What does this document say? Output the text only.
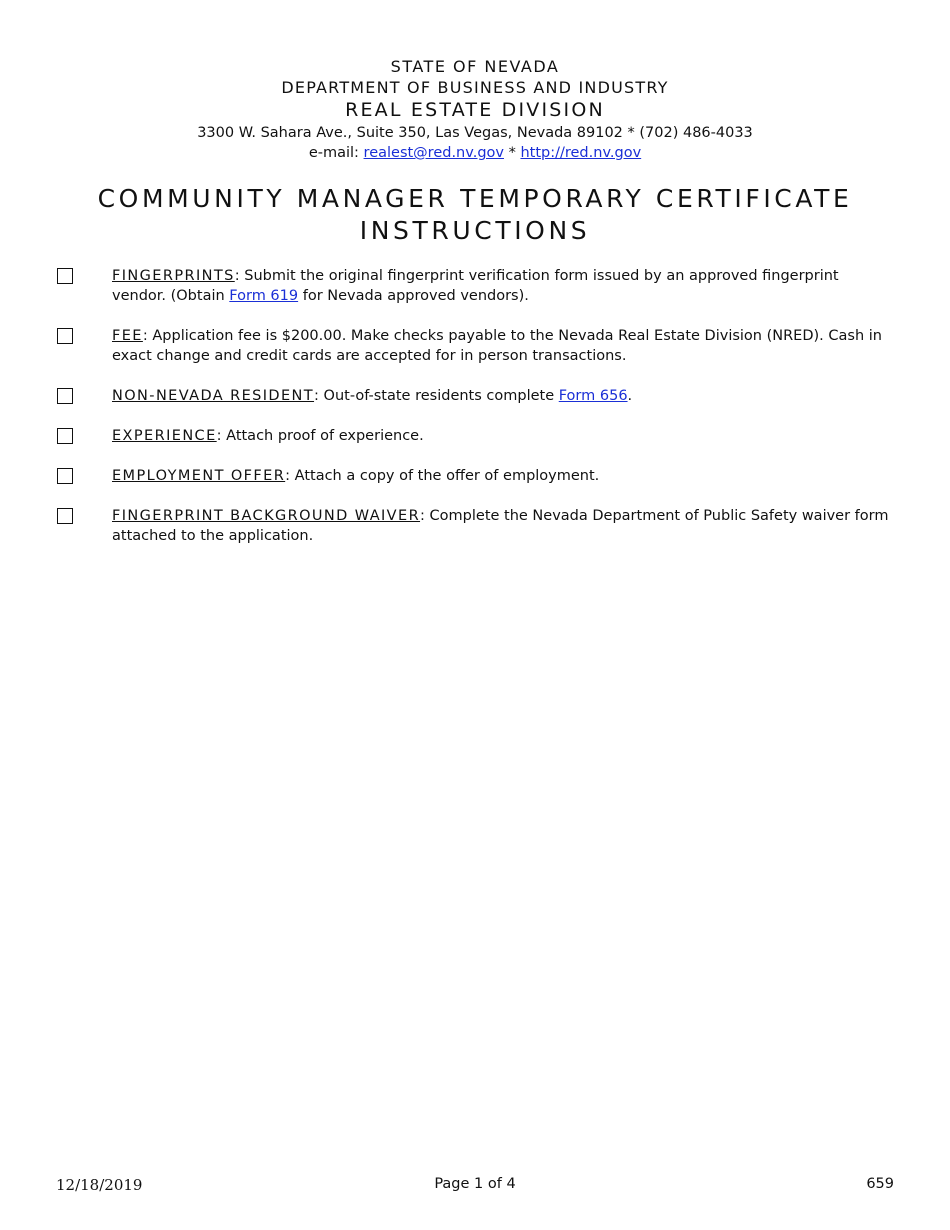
STATE OF NEVADA
DEPARTMENT OF BUSINESS AND INDUSTRY
REAL ESTATE DIVISION
3300 W. Sahara Ave., Suite 350, Las Vegas, Nevada 89102 * (702) 486-4033
e-mail: realest@red.nv.gov * http://red.nv.gov
COMMUNITY MANAGER TEMPORARY CERTIFICATE
INSTRUCTIONS
FINGERPRINTS: Submit the original fingerprint verification form issued by an approved fingerprint vendor. (Obtain Form 619 for Nevada approved vendors).
FEE: Application fee is $200.00. Make checks payable to the Nevada Real Estate Division (NRED). Cash in exact change and credit cards are accepted for in person transactions.
NON-NEVADA RESIDENT: Out-of-state residents complete Form 656.
EXPERIENCE: Attach proof of experience.
EMPLOYMENT OFFER: Attach a copy of the offer of employment.
FINGERPRINT BACKGROUND WAIVER: Complete the Nevada Department of Public Safety waiver form attached to the application.
12/18/2019	Page 1 of 4	659
